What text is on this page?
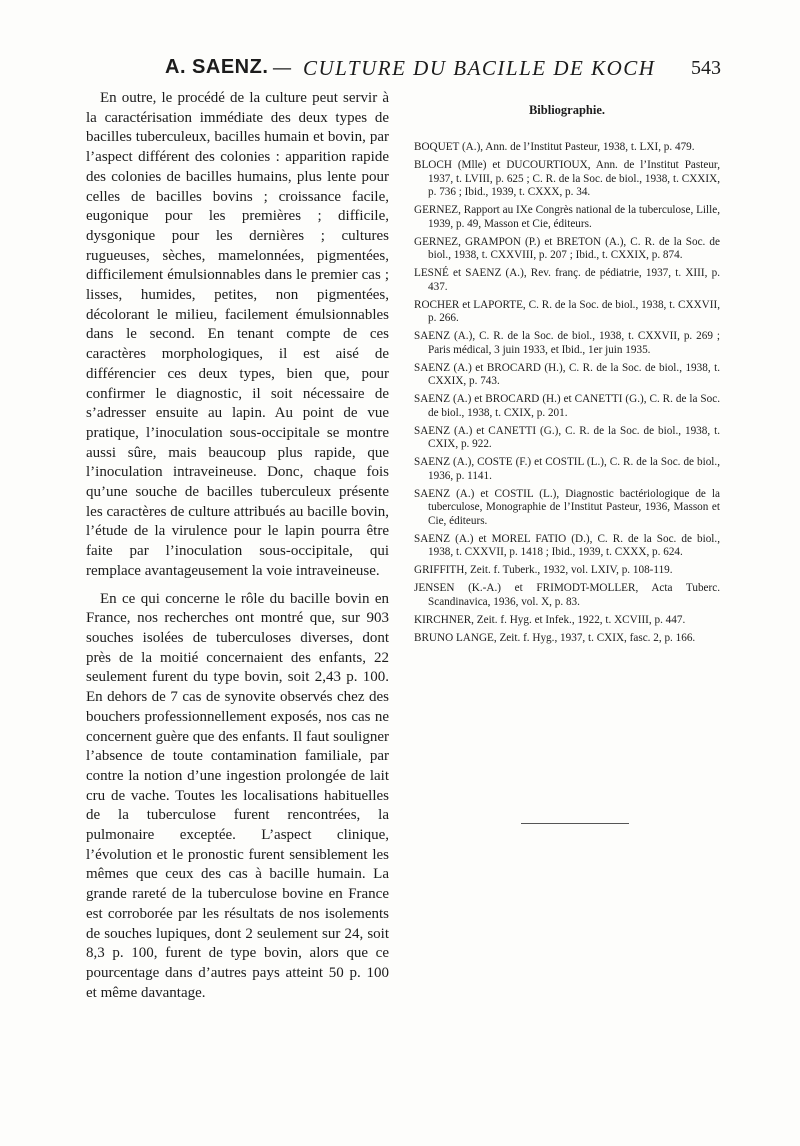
A. SAENZ. — CULTURE DU BACILLE DE KOCH 543

En outre, le procédé de la culture peut servir à la caractérisation immédiate des deux types de bacilles tuberculeux, bacilles humain et bovin, par l’aspect différent des colonies : apparition rapide des colonies de bacilles humains, plus lente pour celles de bacilles bovins ; croissance facile, eugonique pour les premières ; difficile, dysgonique pour les dernières ; cultures rugueuses, sèches, mamelonnées, pigmentées, difficilement émulsionnables dans le premier cas ; lisses, humides, petites, non pigmentées, décolorant le milieu, facilement émulsionnables dans le second. En tenant compte de ces caractères morphologiques, il est aisé de différencier ces deux types, bien que, pour confirmer le diagnostic, il soit nécessaire de s’adresser ensuite au lapin. Au point de vue pratique, l’inoculation sous-occipitale se montre aussi sûre, mais beaucoup plus rapide, que l’inoculation intraveineuse. Donc, chaque fois qu’une souche de bacilles tuberculeux présente les caractères de culture attribués au bacille bovin, l’étude de la virulence pour le lapin pourra être faite par l’inoculation sous-occipitale, qui remplace avantageusement la voie intraveineuse.

En ce qui concerne le rôle du bacille bovin en France, nos recherches ont montré que, sur 903 souches isolées de tuberculoses diverses, dont près de la moitié concernaient des enfants, 22 seulement furent du type bovin, soit 2,43 p. 100. En dehors de 7 cas de synovite observés chez des bouchers professionnellement exposés, nos cas ne concernent guère que des enfants. Il faut souligner l’absence de toute contamination familiale, par contre la notion d’une ingestion prolongée de lait cru de vache. Toutes les localisations habituelles de la tuberculose furent rencontrées, la pulmonaire exceptée. L’aspect clinique, l’évolution et le pronostic furent sensiblement les mêmes que ceux des cas à bacille humain. La grande rareté de la tuberculose bovine en France est corroborée par les résultats de nos isolements de souches lupiques, dont 2 seulement sur 24, soit 8,3 p. 100, furent de type bovin, alors que ce pourcentage dans d’autres pays atteint 50 p. 100 et même davantage.

Bibliographie.
BOQUET (A.), Ann. de l’Institut Pasteur, 1938, t. LXI, p. 479.
BLOCH (Mlle) et DUCOURTIOUX, Ann. de l’Institut Pasteur, 1937, t. LVIII, p. 625 ; C. R. de la Soc. de biol., 1938, t. CXXIX, p. 736 ; Ibid., 1939, t. CXXX, p. 34.
GERNEZ, Rapport au IXe Congrès national de la tuberculose, Lille, 1939, p. 49, Masson et Cie, éditeurs.
GERNEZ, GRAMPON (P.) et BRETON (A.), C. R. de la Soc. de biol., 1938, t. CXXVIII, p. 207 ; Ibid., t. CXXIX, p. 874.
LESNÉ et SAENZ (A.), Rev. franç. de pédiatrie, 1937, t. XIII, p. 437.
ROCHER et LAPORTE, C. R. de la Soc. de biol., 1938, t. CXXVII, p. 266.
SAENZ (A.), C. R. de la Soc. de biol., 1938, t. CXXVII, p. 269 ; Paris médical, 3 juin 1933, et Ibid., 1er juin 1935.
SAENZ (A.) et BROCARD (H.), C. R. de la Soc. de biol., 1938, t. CXXIX, p. 743.
SAENZ (A.) et BROCARD (H.) et CANETTI (G.), C. R. de la Soc. de biol., 1938, t. CXIX, p. 201.
SAENZ (A.) et CANETTI (G.), C. R. de la Soc. de biol., 1938, t. CXIX, p. 922.
SAENZ (A.), COSTE (F.) et COSTIL (L.), C. R. de la Soc. de biol., 1936, p. 1141.
SAENZ (A.) et COSTIL (L.), Diagnostic bactériologique de la tuberculose, Monographie de l’Institut Pasteur, 1936, Masson et Cie, éditeurs.
SAENZ (A.) et MOREL FATIO (D.), C. R. de la Soc. de biol., 1938, t. CXXVII, p. 1418 ; Ibid., 1939, t. CXXX, p. 624.
GRIFFITH, Zeit. f. Tuberk., 1932, vol. LXIV, p. 108-119.
JENSEN (K.-A.) et FRIMODT-MOLLER, Acta Tuberc. Scandinavica, 1936, vol. X, p. 83.
KIRCHNER, Zeit. f. Hyg. et Infek., 1922, t. XCVIII, p. 447.
BRUNO LANGE, Zeit. f. Hyg., 1937, t. CXIX, fasc. 2, p. 166.
